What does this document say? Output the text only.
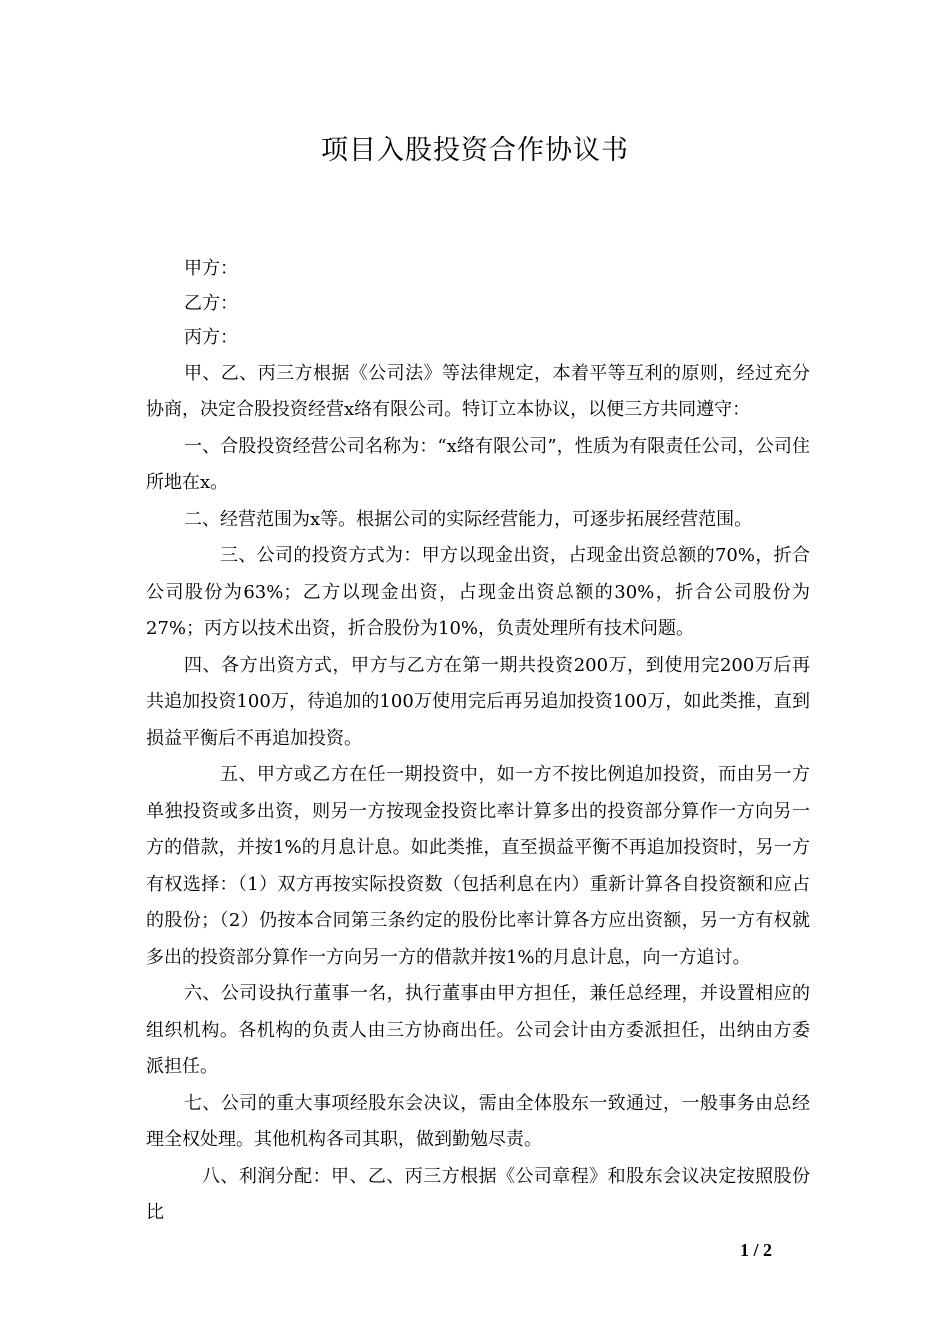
项目入股投资合作协议书
甲方：
乙方：
丙方：

甲、乙、丙三方根据《公司法》等法律规定，本着平等互利的原则，经过充分协商，决定合股投资经营x络有限公司。特订立本协议，以便三方共同遵守：

一、合股投资经营公司名称为：“x络有限公司”，性质为有限责任公司，公司住所地在x。

二、经营范围为x等。根据公司的实际经营能力，可逐步拓展经营范围。

三、公司的投资方式为：甲方以现金出资，占现金出资总额的70%，折合公司股份为63%；乙方以现金出资，占现金出资总额的30%，折合公司股份为27%；丙方以技术出资，折合股份为10%，负责处理所有技术问题。

四、各方出资方式，甲方与乙方在第一期共投资200万，到使用完200万后再共追加投资100万，待追加的100万使用完后再另追加投资100万，如此类推，直到损益平衡后不再追加投资。

五、甲方或乙方在任一期投资中，如一方不按比例追加投资，而由另一方单独投资或多出资，则另一方按现金投资比率计算多出的投资部分算作一方向另一方的借款，并按1%的月息计息。如此类推，直至损益平衡不再追加投资时，另一方有权选择：（1）双方再按实际投资数（包括利息在内）重新计算各自投资额和应占的股份；（2）仍按本合同第三条约定的股份比率计算各方应出资额，另一方有权就多出的投资部分算作一方向另一方的借款并按1%的月息计息，向一方追讨。

六、公司设执行董事一名，执行董事由甲方担任，兼任总经理，并设置相应的组织机构。各机构的负责人由三方协商出任。公司会计由方委派担任，出纳由方委派担任。

七、公司的重大事项经股东会决议，需由全体股东一致通过，一般事务由总经理全权处理。其他机构各司其职，做到勤勉尽责。

八、利润分配：甲、乙、丙三方根据《公司章程》和股东会议决定按照股份比

1 / 2
